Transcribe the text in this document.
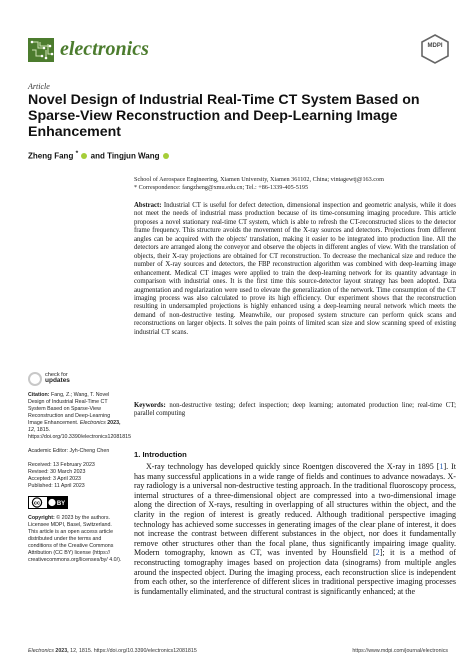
electronics	MDPI
Article
Novel Design of Industrial Real-Time CT System Based on Sparse-View Reconstruction and Deep-Learning Image Enhancement
Zheng Fang * and Tingjun Wang
School of Aerospace Engineering, Xiamen University, Xiamen 361102, China; vintagewtj@163.com
* Correspondence: fangzheng@xmu.edu.cn; Tel.: +86-1339-405-5195
Abstract: Industrial CT is useful for defect detection, dimensional inspection and geometric analysis, while it does not meet the needs of industrial mass production because of its time-consuming imaging procedure. This article proposes a novel stationary real-time CT system, which is able to refresh the CT-reconstructed slices to the detector frame frequency. This structure avoids the movement of the X-ray sources and detectors. Projections from different angles can be acquired with the objects' translation, making it easier to be integrated into production line. All the detectors are arranged along the conveyor and observe the objects in different angles of view. With the translation of objects, their X-ray projections are obtained for CT reconstruction. To decrease the mechanical size and reduce the number of X-ray sources and detectors, the FBP reconstruction algorithm was combined with deep-learning image enhancement. Medical CT images were applied to train the deep-learning network for its quantity advantage in comparison with industrial ones. It is the first time this source-detector layout strategy has been adopted. Data augmentation and regularization were used to elevate the generalization of the network. Time consumption of the CT imaging process was also calculated to prove its high efficiency. Our experiment shows that the reconstruction resulting in undersampled projections is highly enhanced using a deep-learning neural network which meets the demand of non-destructive testing. Meanwhile, our proposed system structure can perform quick scans and reconstructions on larger objects. It solves the pain points of limited scan size and slow scanning speed of existing industrial CT scans.
Keywords: non-destructive testing; defect inspection; deep learning; automated production line; real-time CT; parallel computing
check for
updates

Citation: Fang, Z.; Wang, T. Novel Design of Industrial Real-Time CT System Based on Sparse-View Reconstruction and Deep-Learning Image Enhancement. Electronics 2023, 12, 1815. https://doi.org/10.3390/electronics12081815

Academic Editor: Jyh-Cheng Chen

Received: 13 February 2023

Revised: 30 March 2023

Accepted: 3 April 2023

Published: 11 April 2023

cc	BY

Copyright: © 2023 by the authors. Licensee MDPI, Basel, Switzerland. This article is an open access article distributed under the terms and conditions of the Creative Commons Attribution (CC BY) license (https:// creativecommons.org/licenses/by/ 4.0/).

1. Introduction
X-ray technology has developed quickly since Roentgen discovered the X-ray in 1895 [1]. It has many successful applications in a wide range of fields and continues to advance nowadays. X-ray radiology is a universal non-destructive testing approach. In the traditional fluoroscopy process, internal structures of a three-dimensional object are compressed into a two-dimensional image along the direction of X-rays, resulting in overlapping of all structures within the object, and the clarity in the region of interest is greatly reduced. Although traditional perspective imaging technology has achieved some successes in generating images of the clear plane of interest, it does not increase the contrast between different substances in the object, nor does it fundamentally remove other structures other than the focal plane, thus significantly impairing image quality. Modern tomography, known as CT, was invented by Hounsfield [2]; it is a method of reconstructing tomography images based on projection data (sinograms) from multiple angles around the inspected object. During the imaging process, each reconstruction slice is independent from each other, so the interference of different slices in traditional perspective imaging processes is fundamentally eliminated, and the structural contrast is significantly enhanced; at the
Electronics 2023, 12, 1815. https://doi.org/10.3390/electronics12081815	https://www.mdpi.com/journal/electronics
